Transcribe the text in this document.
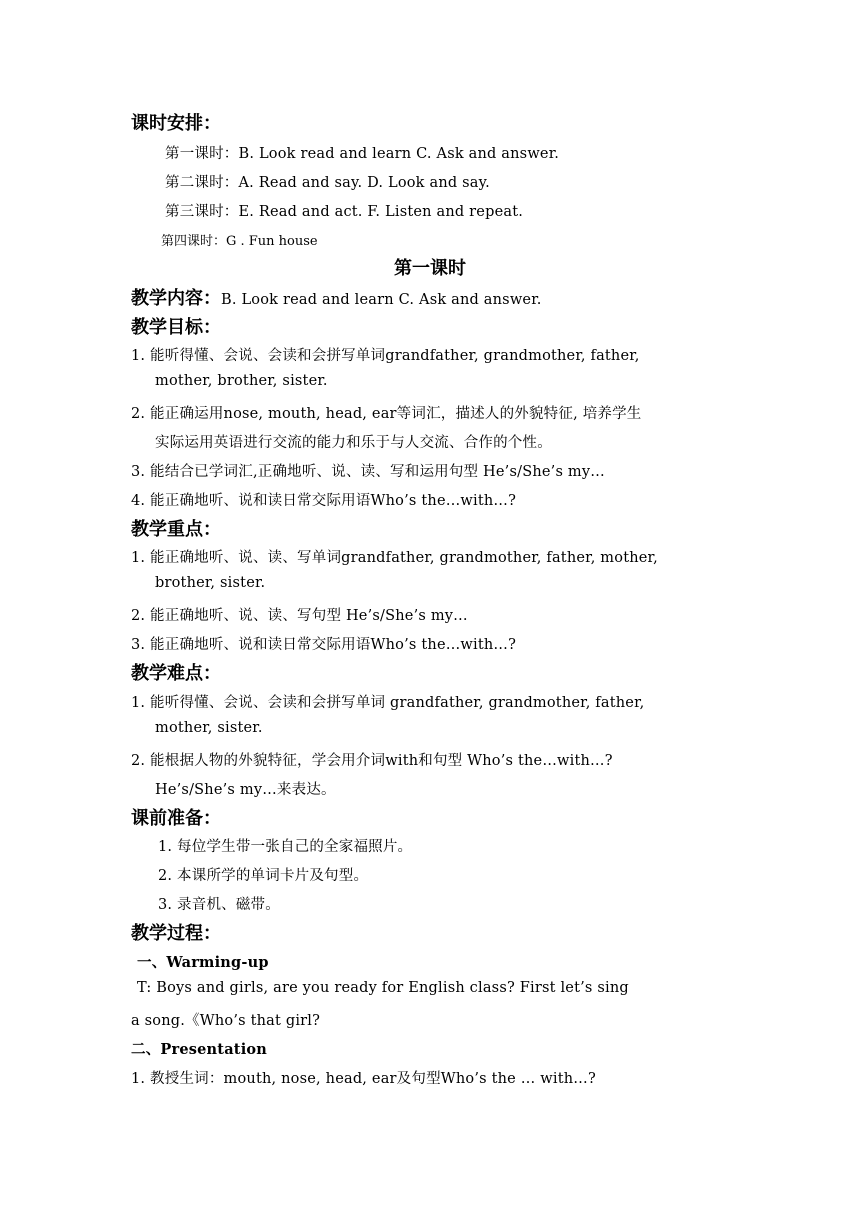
课时安排：
第一课时：B. Look read and learn C. Ask and answer.
第二课时：A. Read and say. D. Look and say.
第三课时：E. Read and act. F. Listen and repeat.
第四课时：G . Fun house
第一课时
教学内容：B. Look read and learn C. Ask and answer.
教学目标：
1. 能听得懂、会说、会读和会拼写单词grandfather, grandmother, father,
mother, brother, sister.
2. 能正确运用nose, mouth, head, ear等词汇，描述人的外貌特征, 培养学生
实际运用英语进行交流的能力和乐于与人交流、合作的个性。
3. 能结合已学词汇,正确地听、说、读、写和运用句型 He’s/She’s my…
4. 能正确地听、说和读日常交际用语Who’s the…with…?
教学重点：
1. 能正确地听、说、读、写单词grandfather, grandmother, father, mother,
brother, sister.
2. 能正确地听、说、读、写句型 He’s/She’s my…
3. 能正确地听、说和读日常交际用语Who’s the…with…?
教学难点：
1. 能听得懂、会说、会读和会拼写单词 grandfather, grandmother, father,
mother, sister.
2. 能根据人物的外貌特征，学会用介词with和句型 Who’s the…with…?
He’s/She’s my…来表达。
课前准备：
1. 每位学生带一张自己的全家福照片。
2. 本课所学的单词卡片及句型。
3. 录音机、磁带。
教学过程：
一、Warming-up
T: Boys and girls, are you ready for English class? First let’s sing
a song.《Who’s that girl?
二、Presentation
1. 教授生词：mouth, nose, head, ear及句型Who’s the … with…?
